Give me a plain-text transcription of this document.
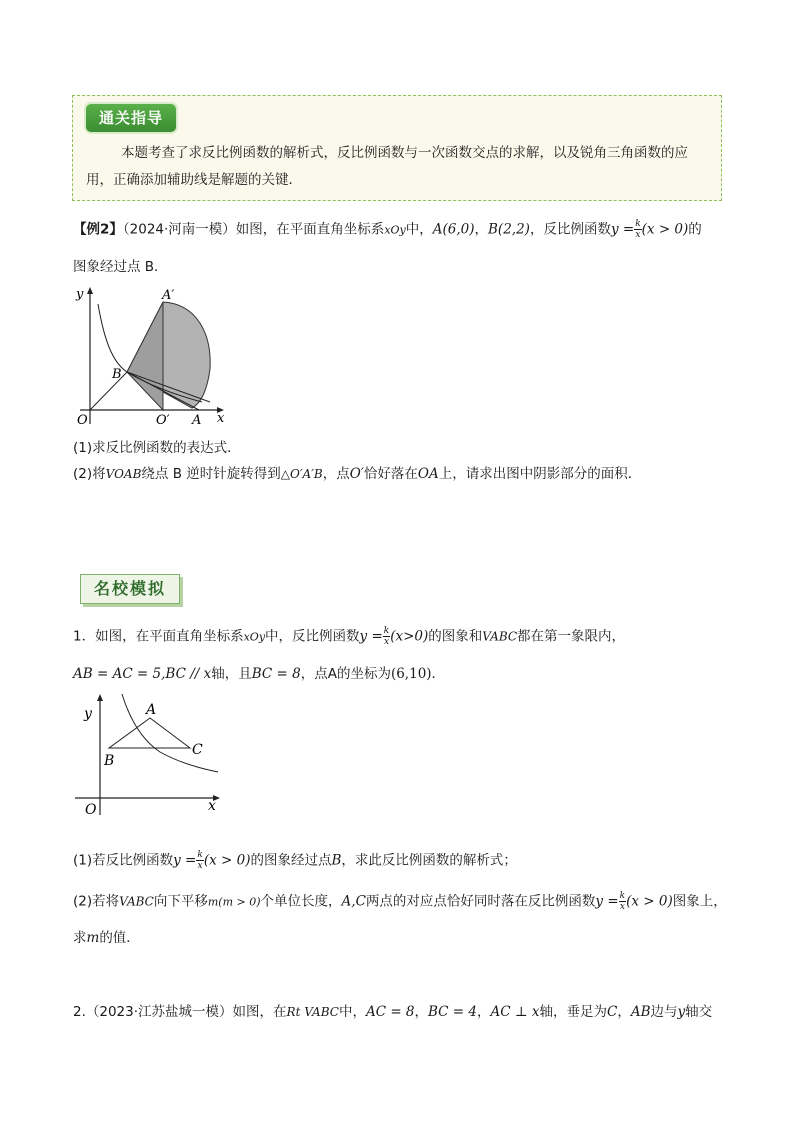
通关指导
本题考查了求反比例函数的解析式，反比例函数与一次函数交点的求解，以及锐角三角函数的应
用，正确添加辅助线是解题的关键．
【例2】（2024·河南一模）如图，在平面直角坐标系xOy中，A(6,0)，B(2,2)，反比例函数$y = \frac{k}{x} (x > 0)$的
图象经过点 B．
y
x
O	O′ A
A′
B
(1)求反比例函数的表达式．
(2)将VOAB绕点 B 逆时针旋转得到△O′A′B，点O′恰好落在OA上，请求出图中阴影部分的面积．
名校模拟
1．如图，在平面直角坐标系xOy中，反比例函数$y = \frac{k}{x} (x>0)$的图象和VABC都在第一象限内，
AB = AC = 5,BC // x轴，且BC = 8，点A的坐标为(6,10)．
y
x
O
A
B
C
(1)若反比例函数$y = \frac{k}{x} (x > 0)$的图象经过点B，求此反比例函数的解析式；
(2)若将VABC向下平移m(m > 0)个单位长度，A,C两点的对应点恰好同时落在反比例函数$y = \frac{k}{x} (x > 0)$图象上，
求m的值．
2.（2023·江苏盐城一模）如图，在Rt VABC中，AC = 8，BC = 4，AC ⊥ x轴，垂足为C，AB边与y轴交
